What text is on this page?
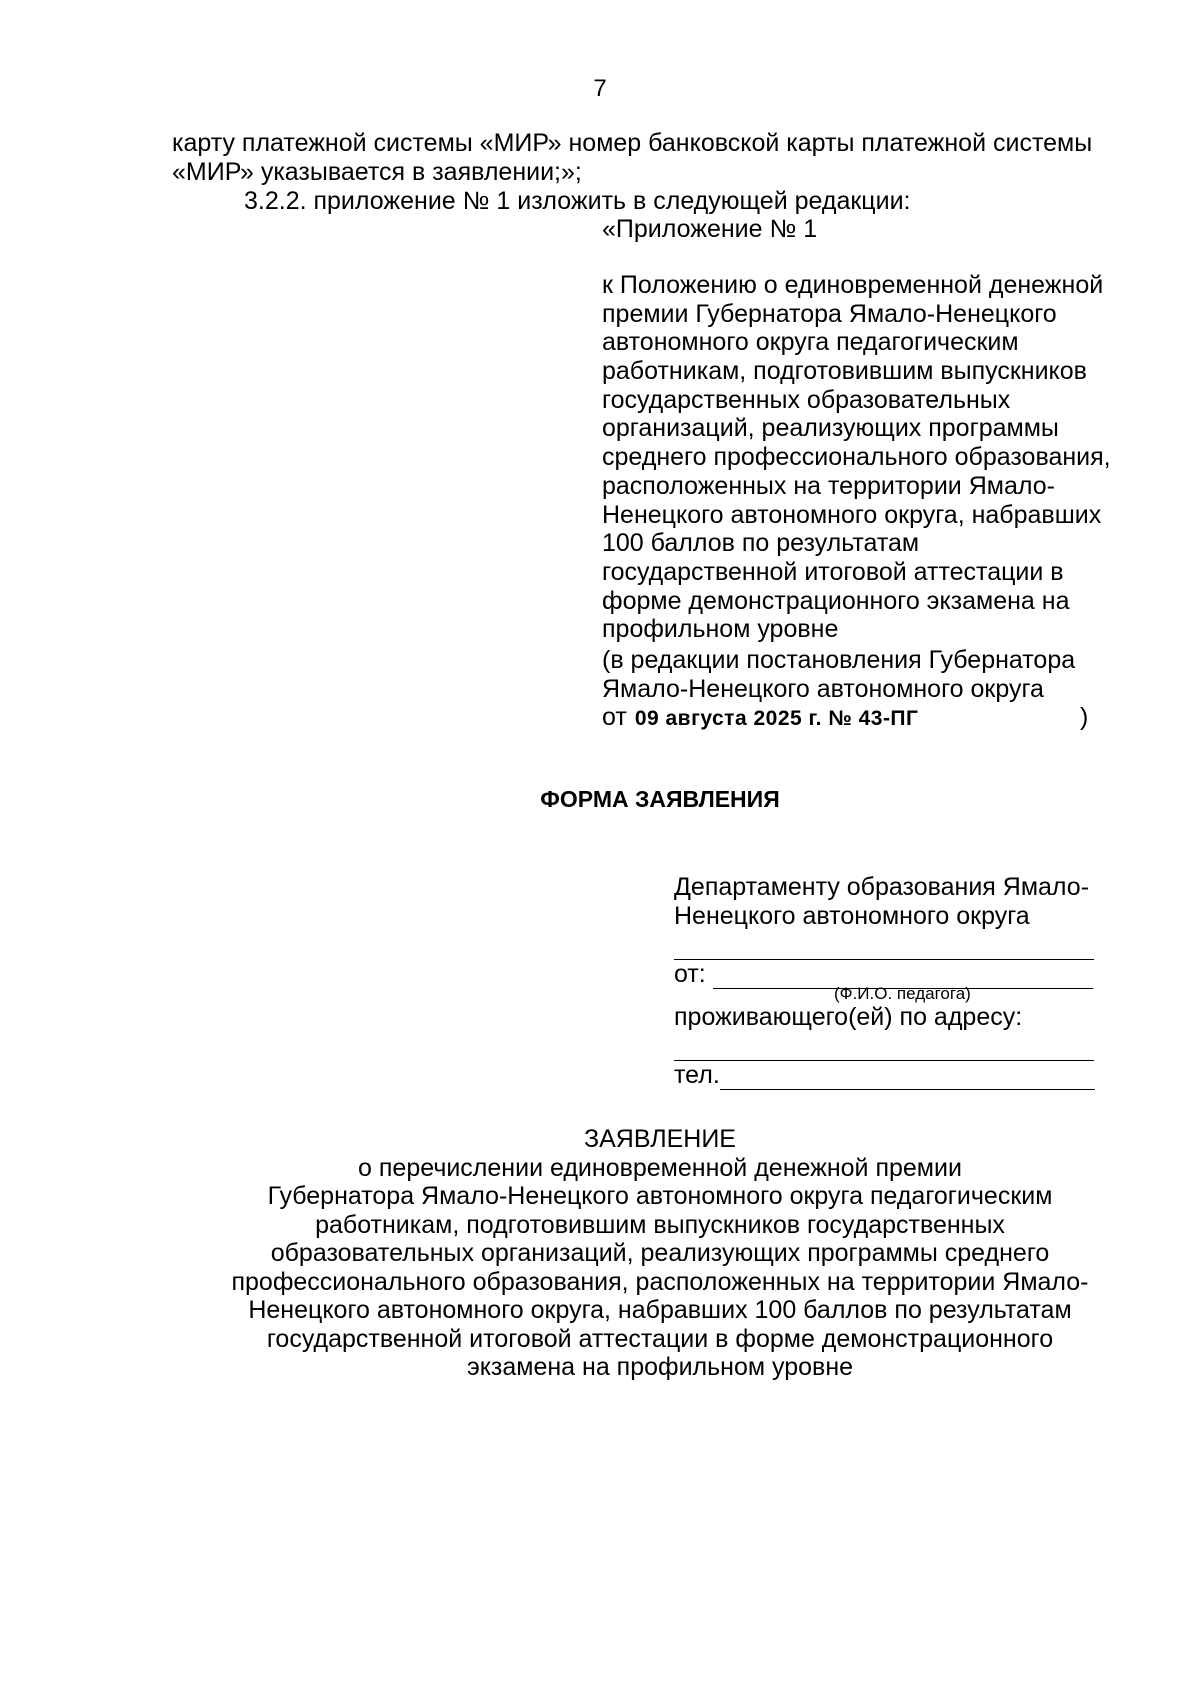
7
карту платежной системы «МИР» номер банковской карты платежной системы
«МИР» указывается в заявлении;»;
3.2.2. приложение № 1 изложить в следующей редакции:
«Приложение № 1
к Положению о единовременной денежной
премии Губернатора Ямало-Ненецкого
автономного округа педагогическим
работникам, подготовившим выпускников
государственных образовательных
организаций, реализующих программы
среднего профессионального образования,
расположенных на территории Ямало-
Ненецкого автономного округа, набравших
100 баллов по результатам
государственной итоговой аттестации в
форме демонстрационного экзамена на
профильном уровне
(в редакции постановления Губернатора
Ямало-Ненецкого автономного округа
от 09 августа 2025 г. № 43-ПГ	)
ФОРМА ЗАЯВЛЕНИЯ
Департаменту образования Ямало-
Ненецкого автономного округа
от:
(Ф.И.О. педагога)
проживающего(ей) по адресу:
тел.
ЗАЯВЛЕНИЕ
о перечислении единовременной денежной премии
Губернатора Ямало-Ненецкого автономного округа педагогическим
работникам, подготовившим выпускников государственных
образовательных организаций, реализующих программы среднего
профессионального образования, расположенных на территории Ямало-
Ненецкого автономного округа, набравших 100 баллов по результатам
государственной итоговой аттестации в форме демонстрационного
экзамена на профильном уровне
